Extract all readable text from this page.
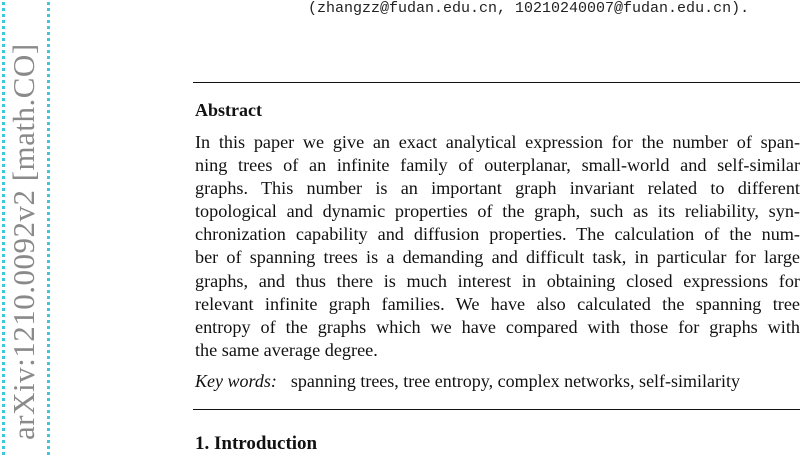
(zhangzz@fudan.edu.cn, 10210240007@fudan.edu.cn).
arXiv:1210.0092v2 [math.CO]	Abstract
In this paper we give an exact analytical expression for the number of span-
ning trees of an infinite family of outerplanar, small-world and self-similar
graphs. This number is an important graph invariant related to different
topological and dynamic properties of the graph, such as its reliability, syn-
chronization capability and diffusion properties. The calculation of the num-
ber of spanning trees is a demanding and difficult task, in particular for large
graphs, and thus there is much interest in obtaining closed expressions for
relevant infinite graph families. We have also calculated the spanning tree
entropy of the graphs which we have compared with those for graphs with
the same average degree.
Key words: spanning trees, tree entropy, complex networks, self-similarity
1. Introduction
